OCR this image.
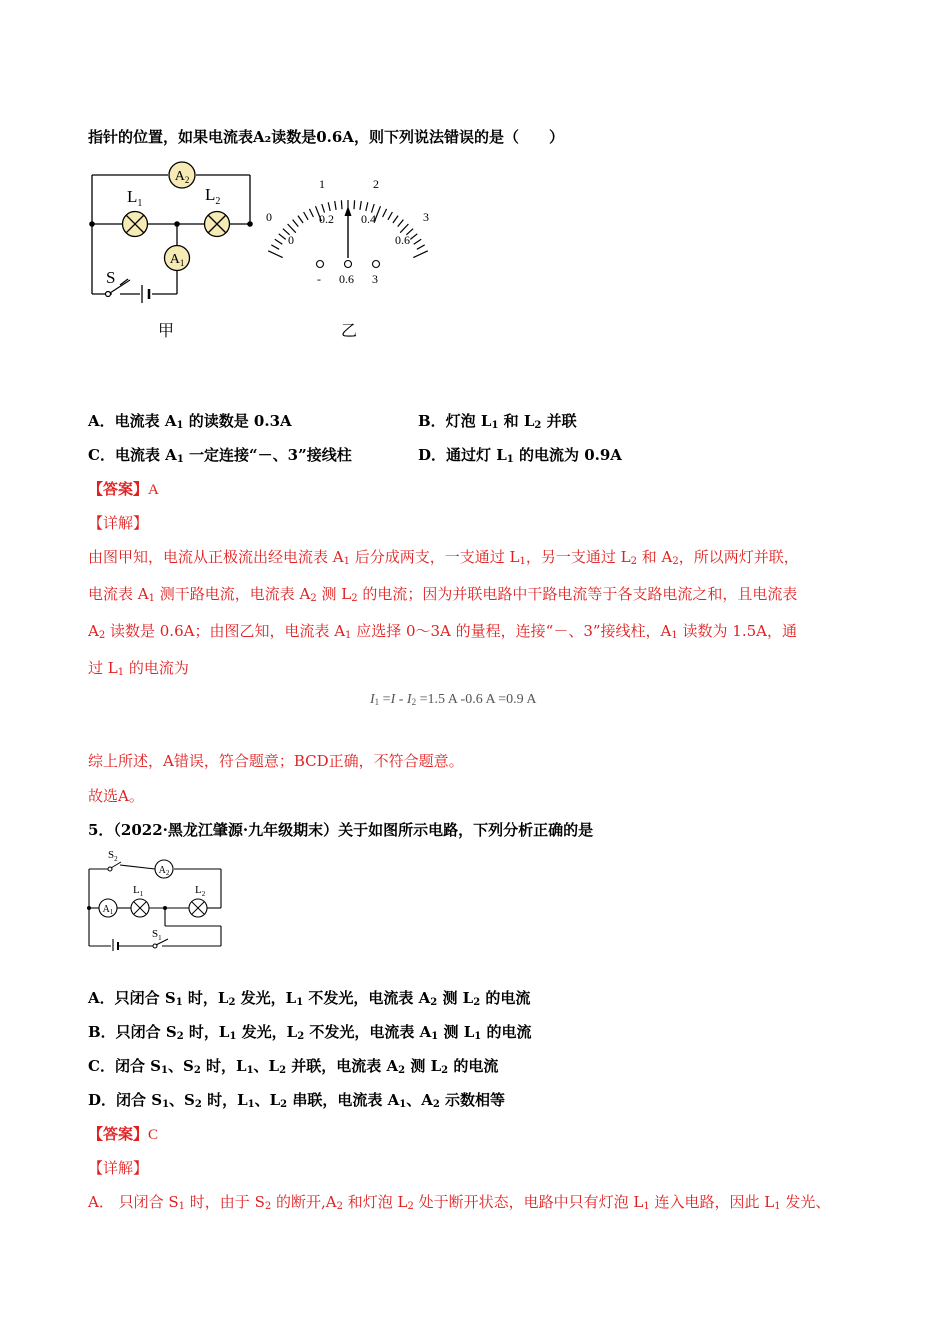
指针的位置，如果电流表A₂读数是0.6A，则下列说法错误的是（　　）
$A_2$
$L_1$	$L_2$
$A_1$
S
甲
0
1	2
3
0
0.2 0.4
0.6
- 0.6 3
乙
A．电流表 $A_1$ 的读数是 0.3A	B．灯泡 $L_1$ 和 $L_2$ 并联
C．电流表 $A_1$ 一定连接“－、3”接线柱	D．通过灯 $L_1$ 的电流为 0.9A
【答案】A
【详解】
由图甲知，电流从正极流出经电流表 $A_1$ 后分成两支，一支通过 $L_1$，另一支通过 $L_2$ 和 $A_2$，所以两灯并联，
电流表 $A_1$ 测干路电流，电流表 $A_2$ 测 $L_2$ 的电流；因为并联电路中干路电流等于各支路电流之和，且电流表
$A_2$ 读数是 0.6A；由图乙知，电流表 $A_1$ 应选择 0～3A 的量程，连接“－、3”接线柱，$A_1$ 读数为 1.5A，通
过 $L_1$ 的电流为
$I_1 =I - I_2 =1.5$ A -0.6 A =0.9 A
综上所述，A错误，符合题意；BCD正确，不符合题意。
故选A。
5．（2022·黑龙江肇源·九年级期末）关于如图所示电路，下列分析正确的是
$S_2$
$A_2$
$A_1$
$L_1$	$L_2$
$S_1$
A．只闭合 $S_1$ 时，$L_2$ 发光，$L_1$ 不发光，电流表 $A_2$ 测 $L_2$ 的电流
B．只闭合 $S_2$ 时，$L_1$ 发光，$L_2$ 不发光，电流表 $A_1$ 测 $L_1$ 的电流
C．闭合 $S_1$、$S_2$ 时，$L_1$、$L_2$ 并联，电流表 $A_2$ 测 $L_2$ 的电流
D．闭合 $S_1$、$S_2$ 时，$L_1$、$L_2$ 串联，电流表 $A_1$、$A_2$ 示数相等
【答案】C
【详解】
A． 只闭合 $S_1$ 时，由于 $S_2$ 的断开$,A_2$ 和灯泡 $L_2$ 处于断开状态，电路中只有灯泡 $L_1$ 连入电路，因此 $L_1$ 发光、
